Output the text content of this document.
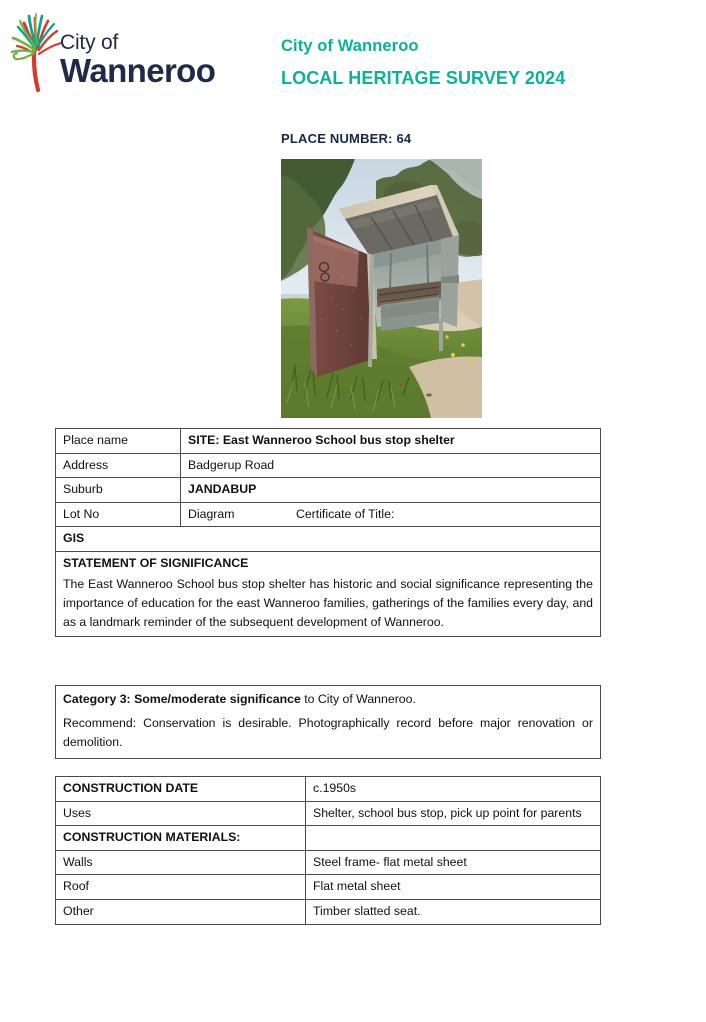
City of
Wanneroo
City of Wanneroo
LOCAL HERITAGE SURVEY 2024
PLACE NUMBER: 64
Place name	SITE: East Wanneroo School bus stop shelter
Address	Badgerup Road
Suburb	JANDABUP
Lot No	Diagram                  Certificate of Title:
GIS	

STATEMENT OF SIGNIFICANCE

The East Wanneroo School bus stop shelter has historic and social significance representing the importance of education for the east Wanneroo families, gatherings of the families every day, and as a landmark reminder of the subsequent development of Wanneroo.	

Category 3: Some/moderate significance to City of Wanneroo.

Recommend: Conservation is desirable. Photographically record before major renovation or demolition.

CONSTRUCTION DATE	c.1950s
Uses	Shelter, school bus stop, pick up point for parents
CONSTRUCTION MATERIALS:	
Walls	Steel frame- flat metal sheet
Roof	Flat metal sheet
Other	Timber slatted seat.
